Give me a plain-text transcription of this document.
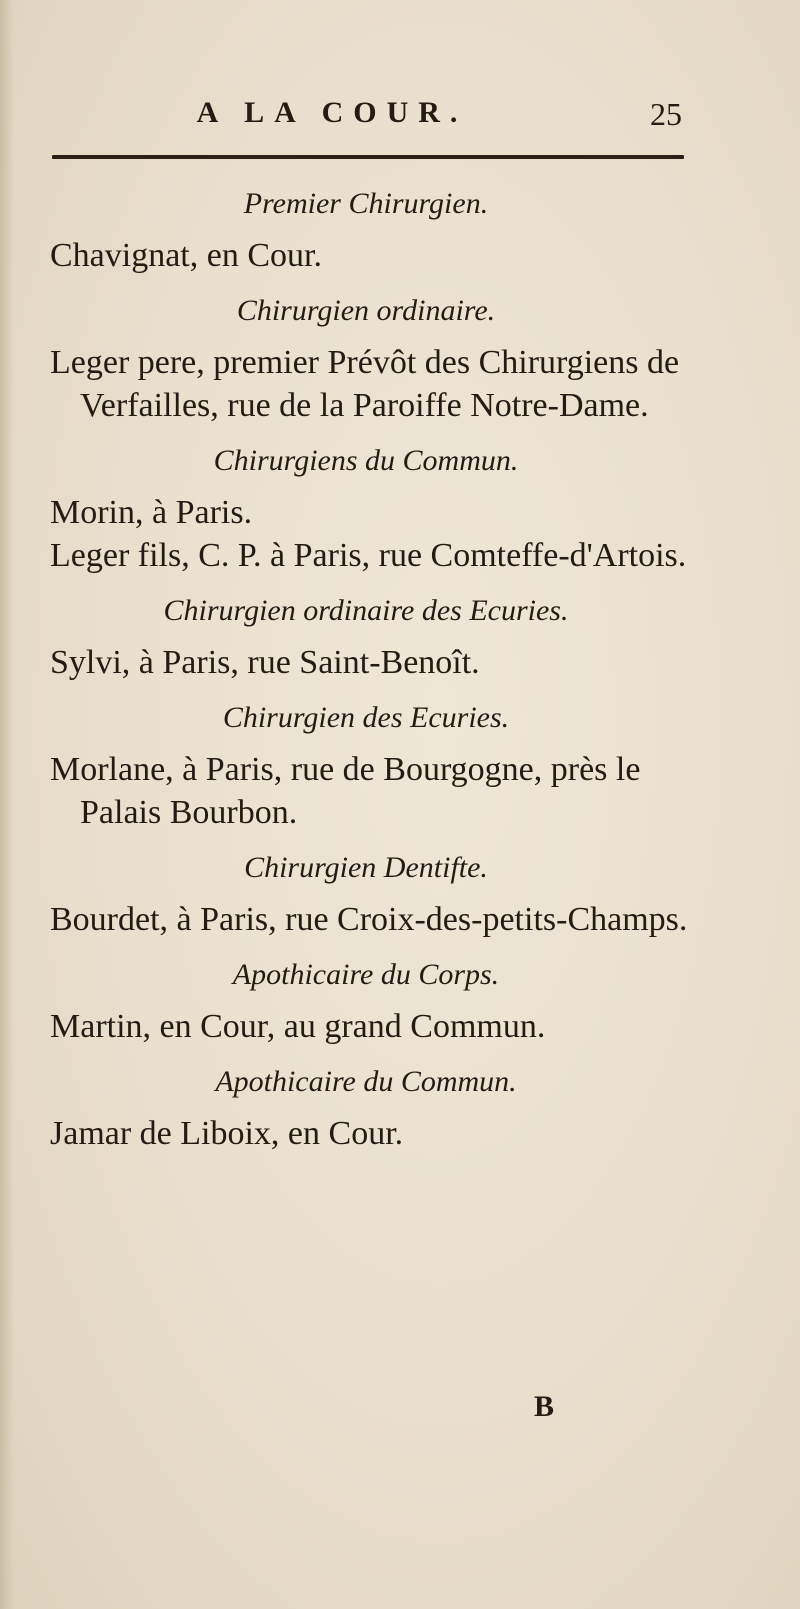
A LA COUR.	25
Premier Chirurgien.
Chavignat, en Cour.
Chirurgien ordinaire.
Leger pere, premier Prévôt des Chirurgiens de Verfailles, rue de la Paroiffe Notre-Dame.
Chirurgiens du Commun.
Morin, à Paris.
Leger fils, C. P. à Paris, rue Comteffe-d'Artois.
Chirurgien ordinaire des Ecuries.
Sylvi, à Paris, rue Saint-Benoît.
Chirurgien des Ecuries.
Morlane, à Paris, rue de Bourgogne, près le Palais Bourbon.
Chirurgien Dentifte.
Bourdet, à Paris, rue Croix-des-petits-Champs.
Apothicaire du Corps.
Martin, en Cour, au grand Commun.
Apothicaire du Commun.
Jamar de Liboix, en Cour.
B
